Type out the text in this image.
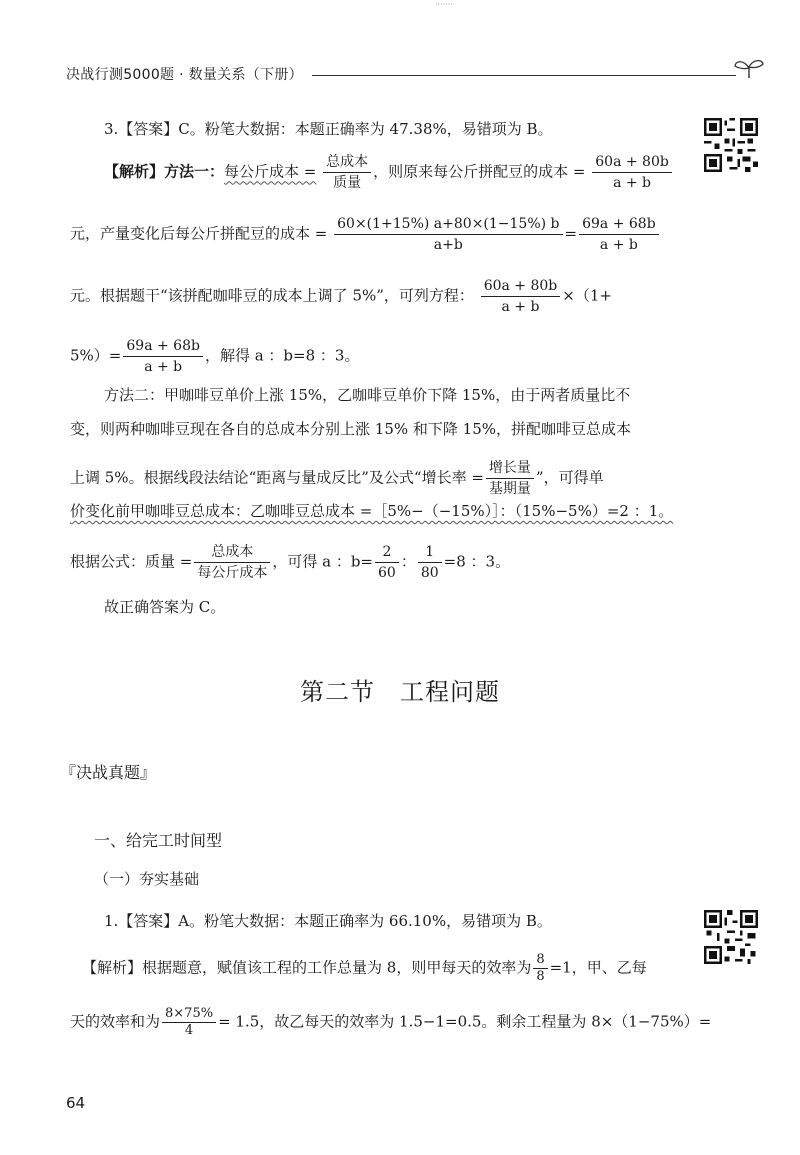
·······
决战行测5000题 · 数量关系（下册）
3.【答案】C。粉笔大数据：本题正确率为 47.38%，易错项为 B。
【解析】方法一：每公斤成本 = $\frac{\text{总成本}}{\text{质量}}$ ，则原来每公斤拼配豆的成本 = $\frac{60a + 80b}{a + b}$
元，产量变化后每公斤拼配豆的成本 = $\frac{60\times(1+15\%) a+80\times(1-15\%) b}{a+b} = \frac{69a + 68b}{a + b}$
元。根据题干“该拼配咖啡豆的成本上调了 5%”，可列方程： $\frac{60a + 80b}{a + b} \times(1+$
$5\%)= \frac{69a + 68b}{a + b}$ ，解得 a ：b=8 ：3。
方法二：甲咖啡豆单价上涨 15%，乙咖啡豆单价下降 15%，由于两者质量比不
变，则两种咖啡豆现在各自的总成本分别上涨 15% 和下降 15%，拼配咖啡豆总成本
上调 5%。根据线段法结论“距离与量成反比”及公式“增长率 = $\frac{\text{增长量}}{\text{基期量}}$ ”，可得单
价变化前甲咖啡豆总成本：乙咖啡豆总成本 =［5%−（−15%）］：（15%−5%）=2 ：1。
根据公式：质量 = $\frac{\text{总成本}}{\text{每公斤成本}}$ ，可得 a ：$b= \frac{2}{60}$ ： $\frac{1}{80} =8$ ：3。
故正确答案为 C。
第二节　工程问题
『决战真题』
一、给完工时间型
（一）夯实基础
1.【答案】A。粉笔大数据：本题正确率为 66.10%，易错项为 B。
【解析】根据题意，赋值该工程的工作总量为 8，则甲每天的效率为 $\frac{8}{8} =1$，甲、乙每
天的效率和为 $\frac{8\times 75\%}{4} = 1.5$，故乙每天的效率为 1.5−1=0.5。剩余工程量为 8×（1−75%）=
64
